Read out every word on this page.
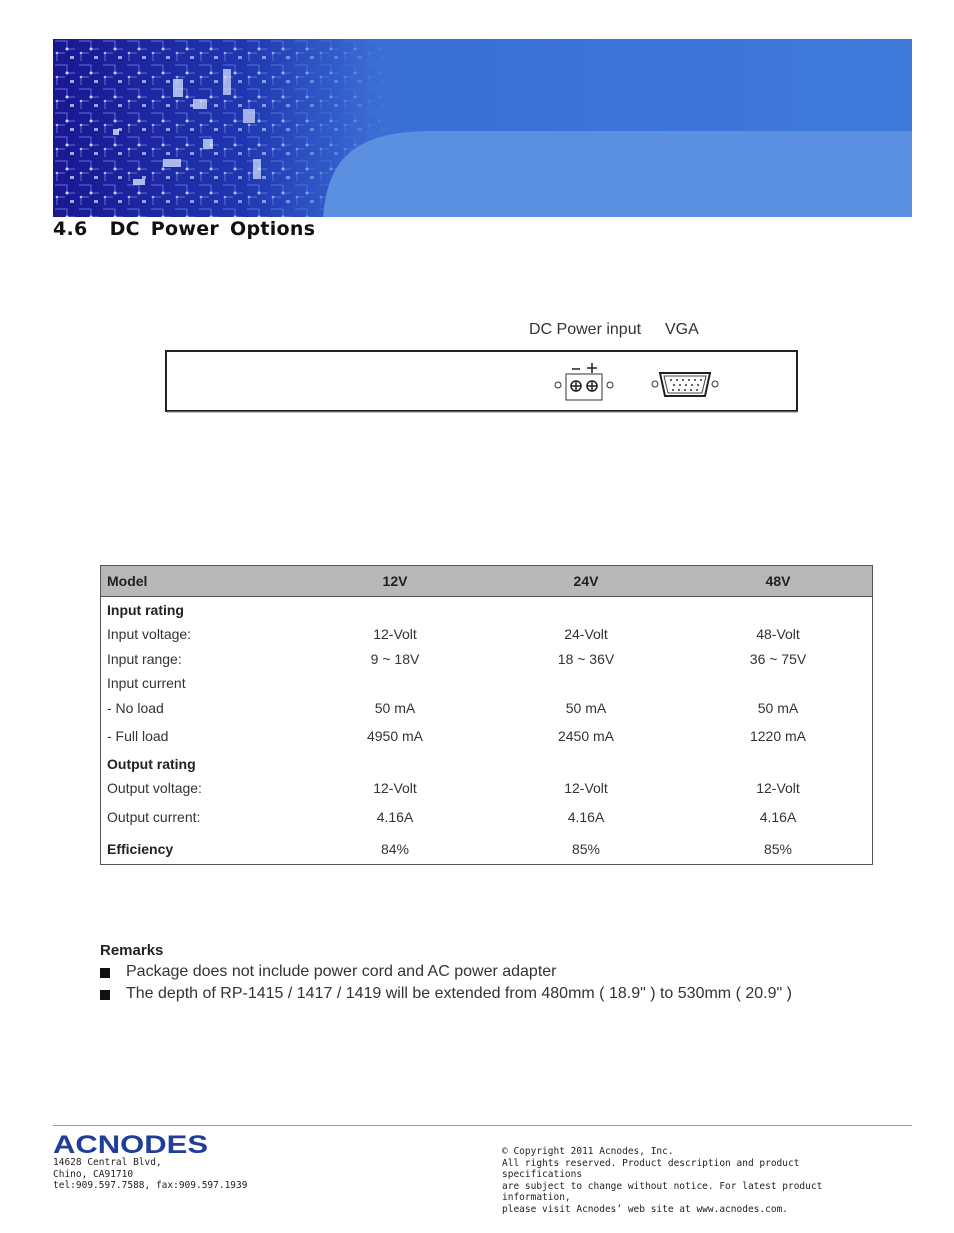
4.6 DC Power Options
DC Power input VGA
Model	12V	24V	48V
Input rating
Input voltage:	12-Volt	24-Volt	48-Volt
Input range:	9 ~ 18V	18 ~ 36V	36 ~ 75V
Input current
- No load	50 mA	50 mA	50 mA
- Full load	4950 mA	2450 mA	1220 mA
Output rating
Output voltage:	12-Volt	12-Volt	12-Volt
Output current:	4.16A	4.16A	4.16A
Efficiency	84%	85%	85%
Remarks
Package does not include power cord and AC power adapter
The depth of RP-1415 / 1417 / 1419 will be extended from 480mm ( 18.9" ) to 530mm ( 20.9" )
ACNODES
14628 Central Blvd,
Chino, CA91710
tel:909.597.7588, fax:909.597.1939
© Copyright 2011 Acnodes, Inc.
All rights reserved. Product description and product specifications
are subject to change without notice. For latest product information,
please visit Acnodes’ web site at www.acnodes.com.
